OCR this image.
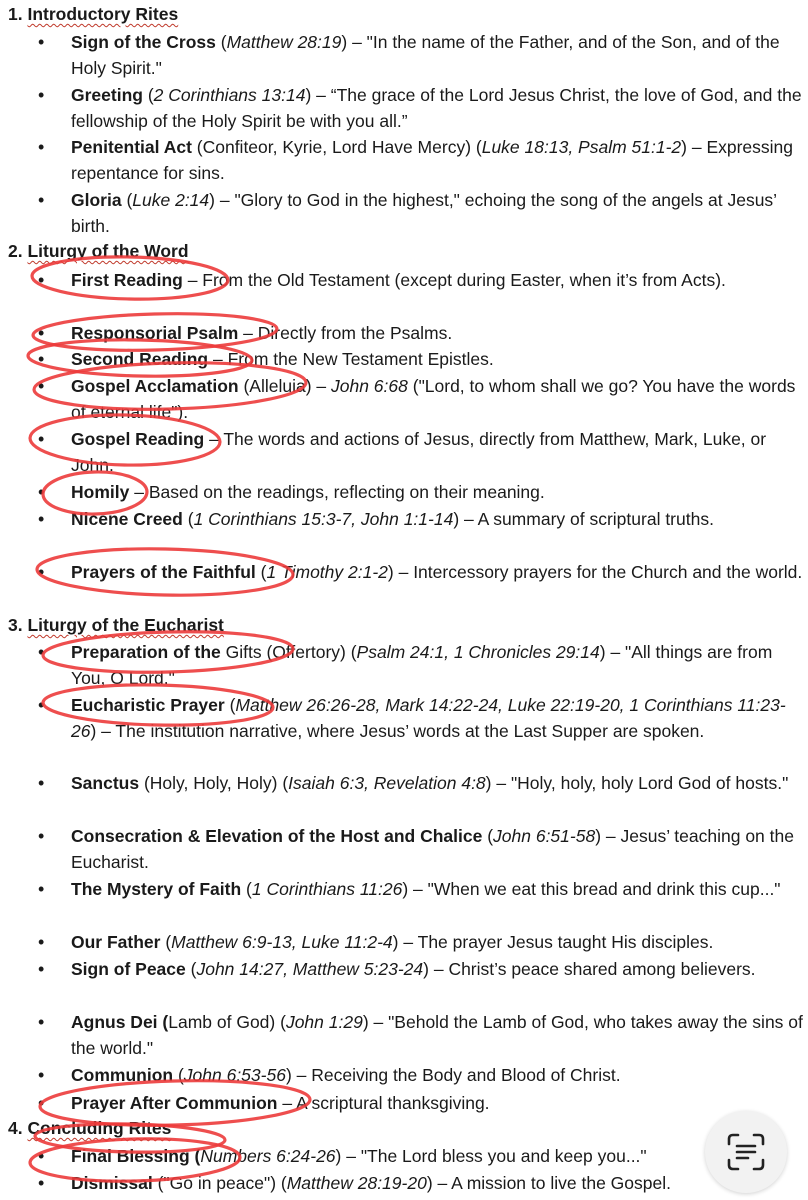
1. Introductory Rites
• Sign of the Cross (Matthew 28:19) – "In the name of the Father, and of the Son, and of the Holy Spirit."
• Greeting (2 Corinthians 13:14) – “The grace of the Lord Jesus Christ, the love of God, and the fellowship of the Holy Spirit be with you all.”
• Penitential Act (Confiteor, Kyrie, Lord Have Mercy) (Luke 18:13, Psalm 51:1-2) – Expressing repentance for sins.
• Gloria (Luke 2:14) – "Glory to God in the highest," echoing the song of the angels at Jesus’ birth.
2. Liturgy of the Word
• First Reading – From the Old Testament (except during Easter, when it’s from Acts).
• Responsorial Psalm – Directly from the Psalms.
• Second Reading – From the New Testament Epistles.
• Gospel Acclamation (Alleluia) – John 6:68 ("Lord, to whom shall we go? You have the words of eternal life").
• Gospel Reading – The words and actions of Jesus, directly from Matthew, Mark, Luke, or John.
• Homily – Based on the readings, reflecting on their meaning.
• Nicene Creed (1 Corinthians 15:3-7, John 1:1-14) – A summary of scriptural truths.
• Prayers of the Faithful (1 Timothy 2:1-2) – Intercessory prayers for the Church and the world.
3. Liturgy of the Eucharist
• Preparation of the Gifts (Offertory) (Psalm 24:1, 1 Chronicles 29:14) – "All things are from You, O Lord."
• Eucharistic Prayer (Matthew 26:26-28, Mark 14:22-24, Luke 22:19-20, 1 Corinthians 11:23-26) – The institution narrative, where Jesus’ words at the Last Supper are spoken.
• Sanctus (Holy, Holy, Holy) (Isaiah 6:3, Revelation 4:8) – "Holy, holy, holy Lord God of hosts."
• Consecration & Elevation of the Host and Chalice (John 6:51-58) – Jesus’ teaching on the Eucharist.
• The Mystery of Faith (1 Corinthians 11:26) – "When we eat this bread and drink this cup..."
• Our Father (Matthew 6:9-13, Luke 11:2-4) – The prayer Jesus taught His disciples.
• Sign of Peace (John 14:27, Matthew 5:23-24) – Christ’s peace shared among believers.
• Agnus Dei (Lamb of God) (John 1:29) – "Behold the Lamb of God, who takes away the sins of the world."
• Communion (John 6:53-56) – Receiving the Body and Blood of Christ.
• Prayer After Communion – A scriptural thanksgiving.
4. Concluding Rites
• Final Blessing (Numbers 6:24-26) – "The Lord bless you and keep you..."
• Dismissal ("Go in peace") (Matthew 28:19-20) – A mission to live the Gospel.
